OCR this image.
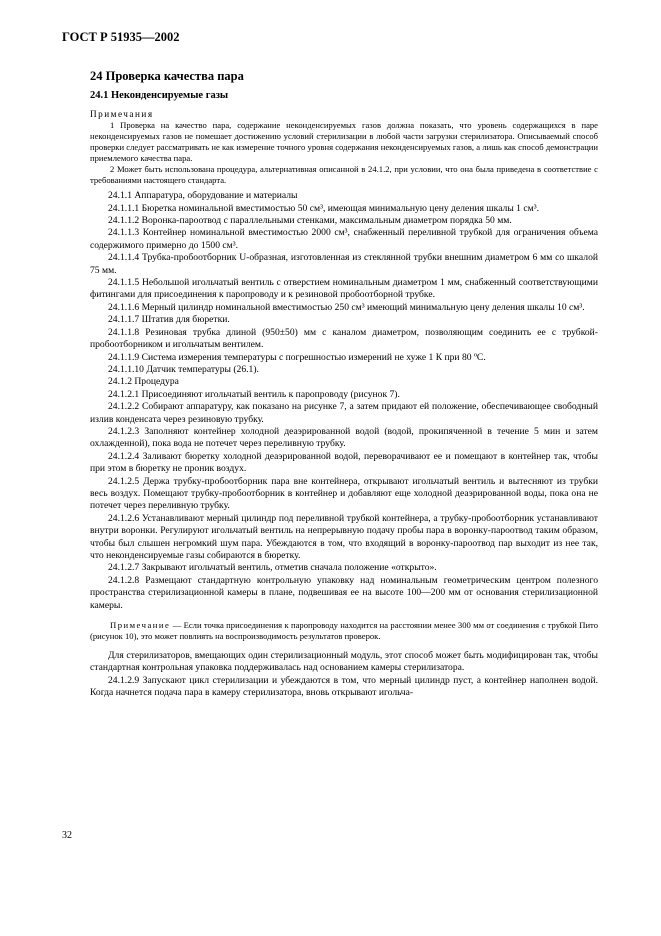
ГОСТ Р 51935—2002
24 Проверка качества пара
24.1 Неконденсируемые газы
Примечания

1 Проверка на качество пара, содержание неконденсируемых газов должна показать, что уровень содержащихся в паре неконденсируемых газов не помешает достижению условий стерилизации в любой части загрузки стерилизатора. Описываемый способ проверки следует рассматривать не как измерение точного уровня содержания неконденсируемых газов, а лишь как способ демонстрации приемлемого качества пара.

2 Может быть использована процедура, альтернативная описанной в 24.1.2, при условии, что она была приведена в соответствие с требованиями настоящего стандарта.

24.1.1 Аппаратура, оборудование и материалы

24.1.1.1 Бюретка номинальной вместимостью 50 см³, имеющая минимальную цену деления шкалы 1 см³.

24.1.1.2 Воронка-пароотвод с параллельными стенками, максимальным диаметром порядка 50 мм.

24.1.1.3 Контейнер номинальной вместимостью 2000 см³, снабженный переливной трубкой для ограничения объема содержимого примерно до 1500 см³.

24.1.1.4 Трубка-пробоотборник U-образная, изготовленная из стеклянной трубки внешним диаметром 6 мм со шкалой 75 мм.

24.1.1.5 Небольшой игольчатый вентиль с отверстием номинальным диаметром 1 мм, снабженный соответствующими фитингами для присоединения к паропроводу и к резиновой пробоотборной трубке.

24.1.1.6 Мерный цилиндр номинальной вместимостью 250 см³ имеющий минимальную цену деления шкалы 10 см³.

24.1.1.7 Штатив для бюретки.

24.1.1.8 Резиновая трубка длиной (950±50) мм с каналом диаметром, позволяющим соединить ее с трубкой-пробоотборником и игольчатым вентилем.

24.1.1.9 Система измерения температуры с погрешностью измерений не хуже 1 К при 80 ºС.

24.1.1.10 Датчик температуры (26.1).

24.1.2 Процедура

24.1.2.1 Присоединяют игольчатый вентиль к паропроводу (рисунок 7).

24.1.2.2 Собирают аппаратуру, как показано на рисунке 7, а затем придают ей положение, обеспечивающее свободный излив конденсата через резиновую трубку.

24.1.2.3 Заполняют контейнер холодной деаэрированной водой (водой, прокипяченной в течение 5 мин и затем охлажденной), пока вода не потечет через переливную трубку.

24.1.2.4 Заливают бюретку холодной деаэрированной водой, переворачивают ее и помещают в контейнер так, чтобы при этом в бюретку не проник воздух.

24.1.2.5 Держа трубку-пробоотборник пара вне контейнера, открывают игольчатый вентиль и вытесняют из трубки весь воздух. Помещают трубку-пробоотборник в контейнер и добавляют еще холодной деаэрированной воды, пока она не потечет через переливную трубку.

24.1.2.6 Устанавливают мерный цилиндр под переливной трубкой контейнера, а трубку-пробоотборник устанавливают внутри воронки. Регулируют игольчатый вентиль на непрерывную подачу пробы пара в воронку-пароотвод таким образом, чтобы был слышен негромкий шум пара. Убеждаются в том, что входящий в воронку-пароотвод пар выходит из нее так, что неконденсируемые газы собираются в бюретку.

24.1.2.7 Закрывают игольчатый вентиль, отметив сначала положение «открыто».

24.1.2.8 Размещают стандартную контрольную упаковку над номинальным геометрическим центром полезного пространства стерилизационной камеры в плане, подвешивая ее на высоте 100—200 мм от основания стерилизационной камеры.

Примечание — Если точка присоединения к паропроводу находится на расстоянии менее 300 мм от соединения с трубкой Пито (рисунок 10), это может повлиять на воспроизводимость результатов проверок.

Для стерилизаторов, вмещающих один стерилизационный модуль, этот способ может быть модифицирован так, чтобы стандартная контрольная упаковка поддерживалась над основанием камеры стерилизатора.

24.1.2.9 Запускают цикл стерилизации и убеждаются в том, что мерный цилиндр пуст, а контейнер наполнен водой. Когда начнется подача пара в камеру стерилизатора, вновь открывают игольча-

32
